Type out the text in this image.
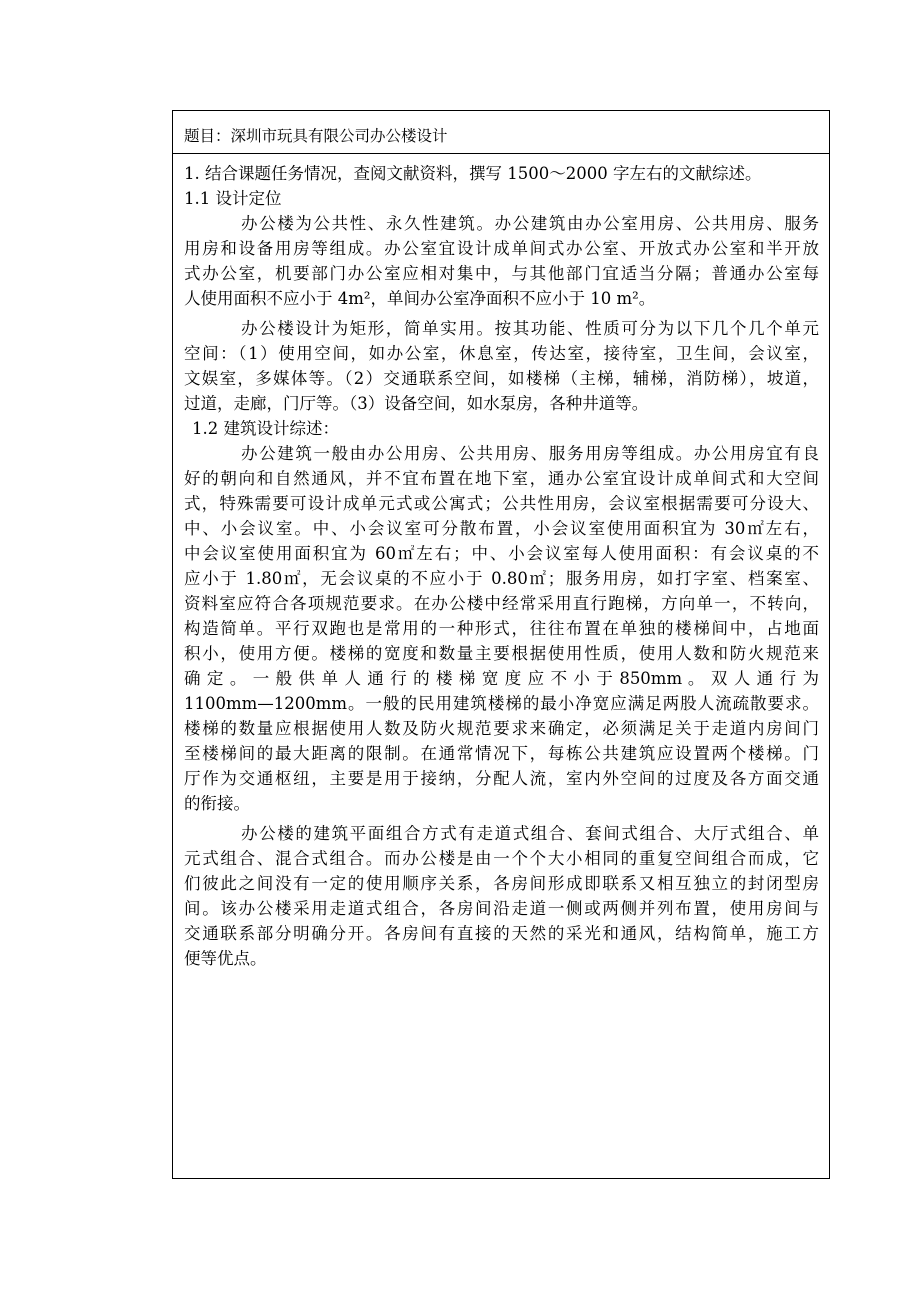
题目：深圳市玩具有限公司办公楼设计
1. 结合课题任务情况，查阅文献资料，撰写 1500～2000 字左右的文献综述。
1.1 设计定位
办公楼为公共性、永久性建筑。办公建筑由办公室用房、公共用房、服务
用房和设备用房等组成。办公室宜设计成单间式办公室、开放式办公室和半开放
式办公室，机要部门办公室应相对集中，与其他部门宜适当分隔；普通办公室每
人使用面积不应小于 4m²，单间办公室净面积不应小于 10 m²。
办公楼设计为矩形，简单实用。按其功能、性质可分为以下几个几个单元
空间：（1）使用空间，如办公室，休息室，传达室，接待室，卫生间，会议室，
文娱室，多媒体等。（2）交通联系空间，如楼梯（主梯，辅梯，消防梯），坡道，
过道，走廊，门厅等。（3）设备空间，如水泵房，各种井道等。
1.2 建筑设计综述：
办公建筑一般由办公用房、公共用房、服务用房等组成。办公用房宜有良
好的朝向和自然通风，并不宜布置在地下室，通办公室宜设计成单间式和大空间
式，特殊需要可设计成单元式或公寓式；公共性用房，会议室根据需要可分设大、
中、小会议室。中、小会议室可分散布置，小会议室使用面积宜为 30㎡左右，
中会议室使用面积宜为 60㎡左右；中、小会议室每人使用面积：有会议桌的不
应小于 1.80㎡，无会议桌的不应小于 0.80㎡；服务用房，如打字室、档案室、
资料室应符合各项规范要求。在办公楼中经常采用直行跑梯，方向单一，不转向，
构造简单。平行双跑也是常用的一种形式，往往布置在单独的楼梯间中，占地面
积小，使用方便。楼梯的宽度和数量主要根据使用性质，使用人数和防火规范来
确 定 。 一 般 供 单 人 通 行 的 楼 梯 宽 度 应 不 小 于 850mm 。 双 人 通 行 为
1100mm—1200mm。一般的民用建筑楼梯的最小净宽应满足两股人流疏散要求。
楼梯的数量应根据使用人数及防火规范要求来确定，必须满足关于走道内房间门
至楼梯间的最大距离的限制。在通常情况下，每栋公共建筑应设置两个楼梯。门
厅作为交通枢纽，主要是用于接纳，分配人流，室内外空间的过度及各方面交通
的衔接。
办公楼的建筑平面组合方式有走道式组合、套间式组合、大厅式组合、单
元式组合、混合式组合。而办公楼是由一个个大小相同的重复空间组合而成，它
们彼此之间没有一定的使用顺序关系，各房间形成即联系又相互独立的封闭型房
间。该办公楼采用走道式组合，各房间沿走道一侧或两侧并列布置，使用房间与
交通联系部分明确分开。各房间有直接的天然的采光和通风，结构简单，施工方
便等优点。
